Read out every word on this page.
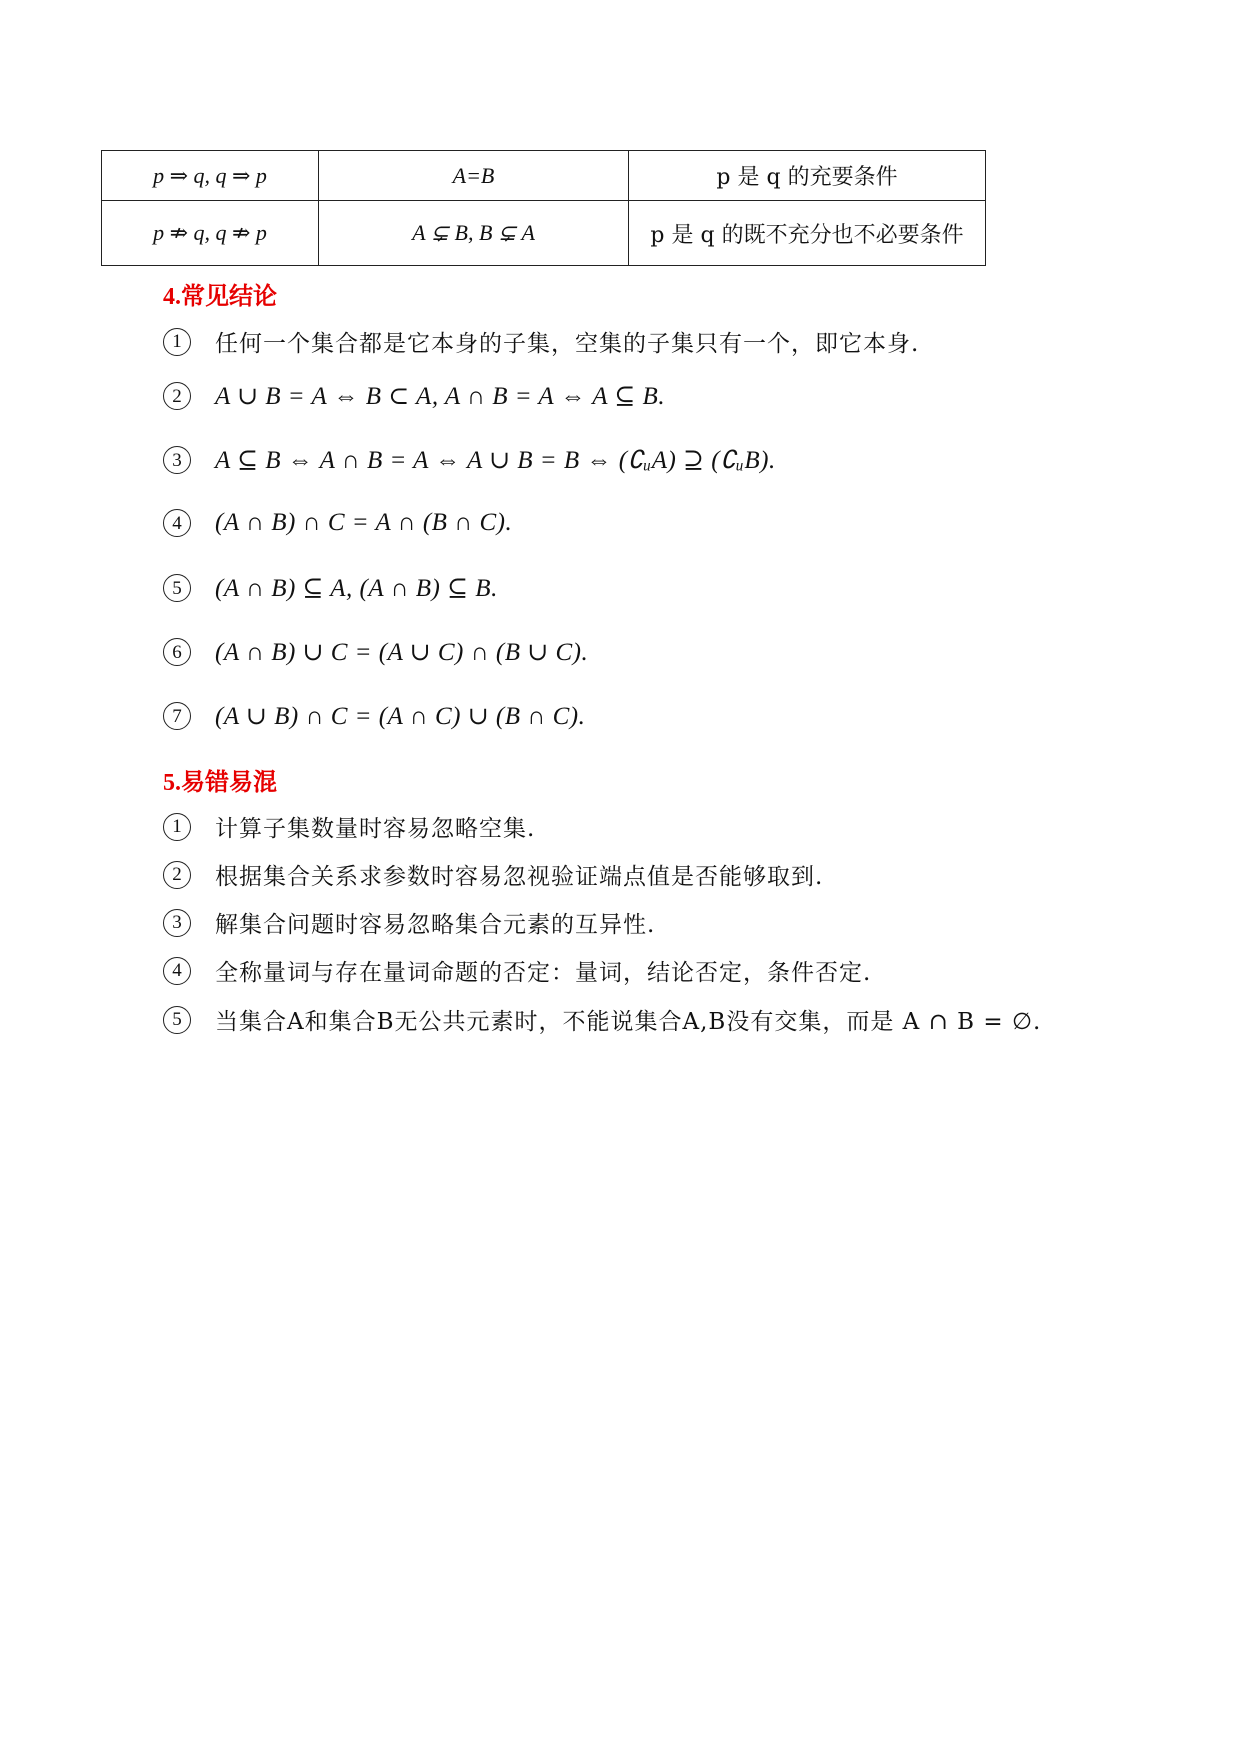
p ⇒ q, q ⇒ p	A=B	p 是 q 的充要条件
p ⇏ q, q ⇏ p	A ⊊ B, B ⊊ A	p 是 q 的既不充分也不必要条件
4.常见结论
1	任何一个集合都是它本身的子集，空集的子集只有一个，即它本身.
2	A ∪ B = A ⇔ B ⊂ A, A ∩ B = A ⇔ A ⊆ B.
3	A ⊆ B ⇔ A ∩ B = A ⇔ A ∪ B = B ⇔ (∁ᵤA) ⊇ (∁ᵤB).
4	(A ∩ B) ∩ C = A ∩ (B ∩ C).
5	(A ∩ B) ⊆ A, (A ∩ B) ⊆ B.
6	(A ∩ B) ∪ C = (A ∪ C) ∩ (B ∪ C).
7	(A ∪ B) ∩ C = (A ∩ C) ∪ (B ∩ C).
5.易错易混
1	计算子集数量时容易忽略空集.
2	根据集合关系求参数时容易忽视验证端点值是否能够取到.
3	解集合问题时容易忽略集合元素的互异性.
4	全称量词与存在量词命题的否定：量词，结论否定，条件否定.
5	当集合A和集合B无公共元素时，不能说集合A,B没有交集，而是 A ∩ B = ∅.
